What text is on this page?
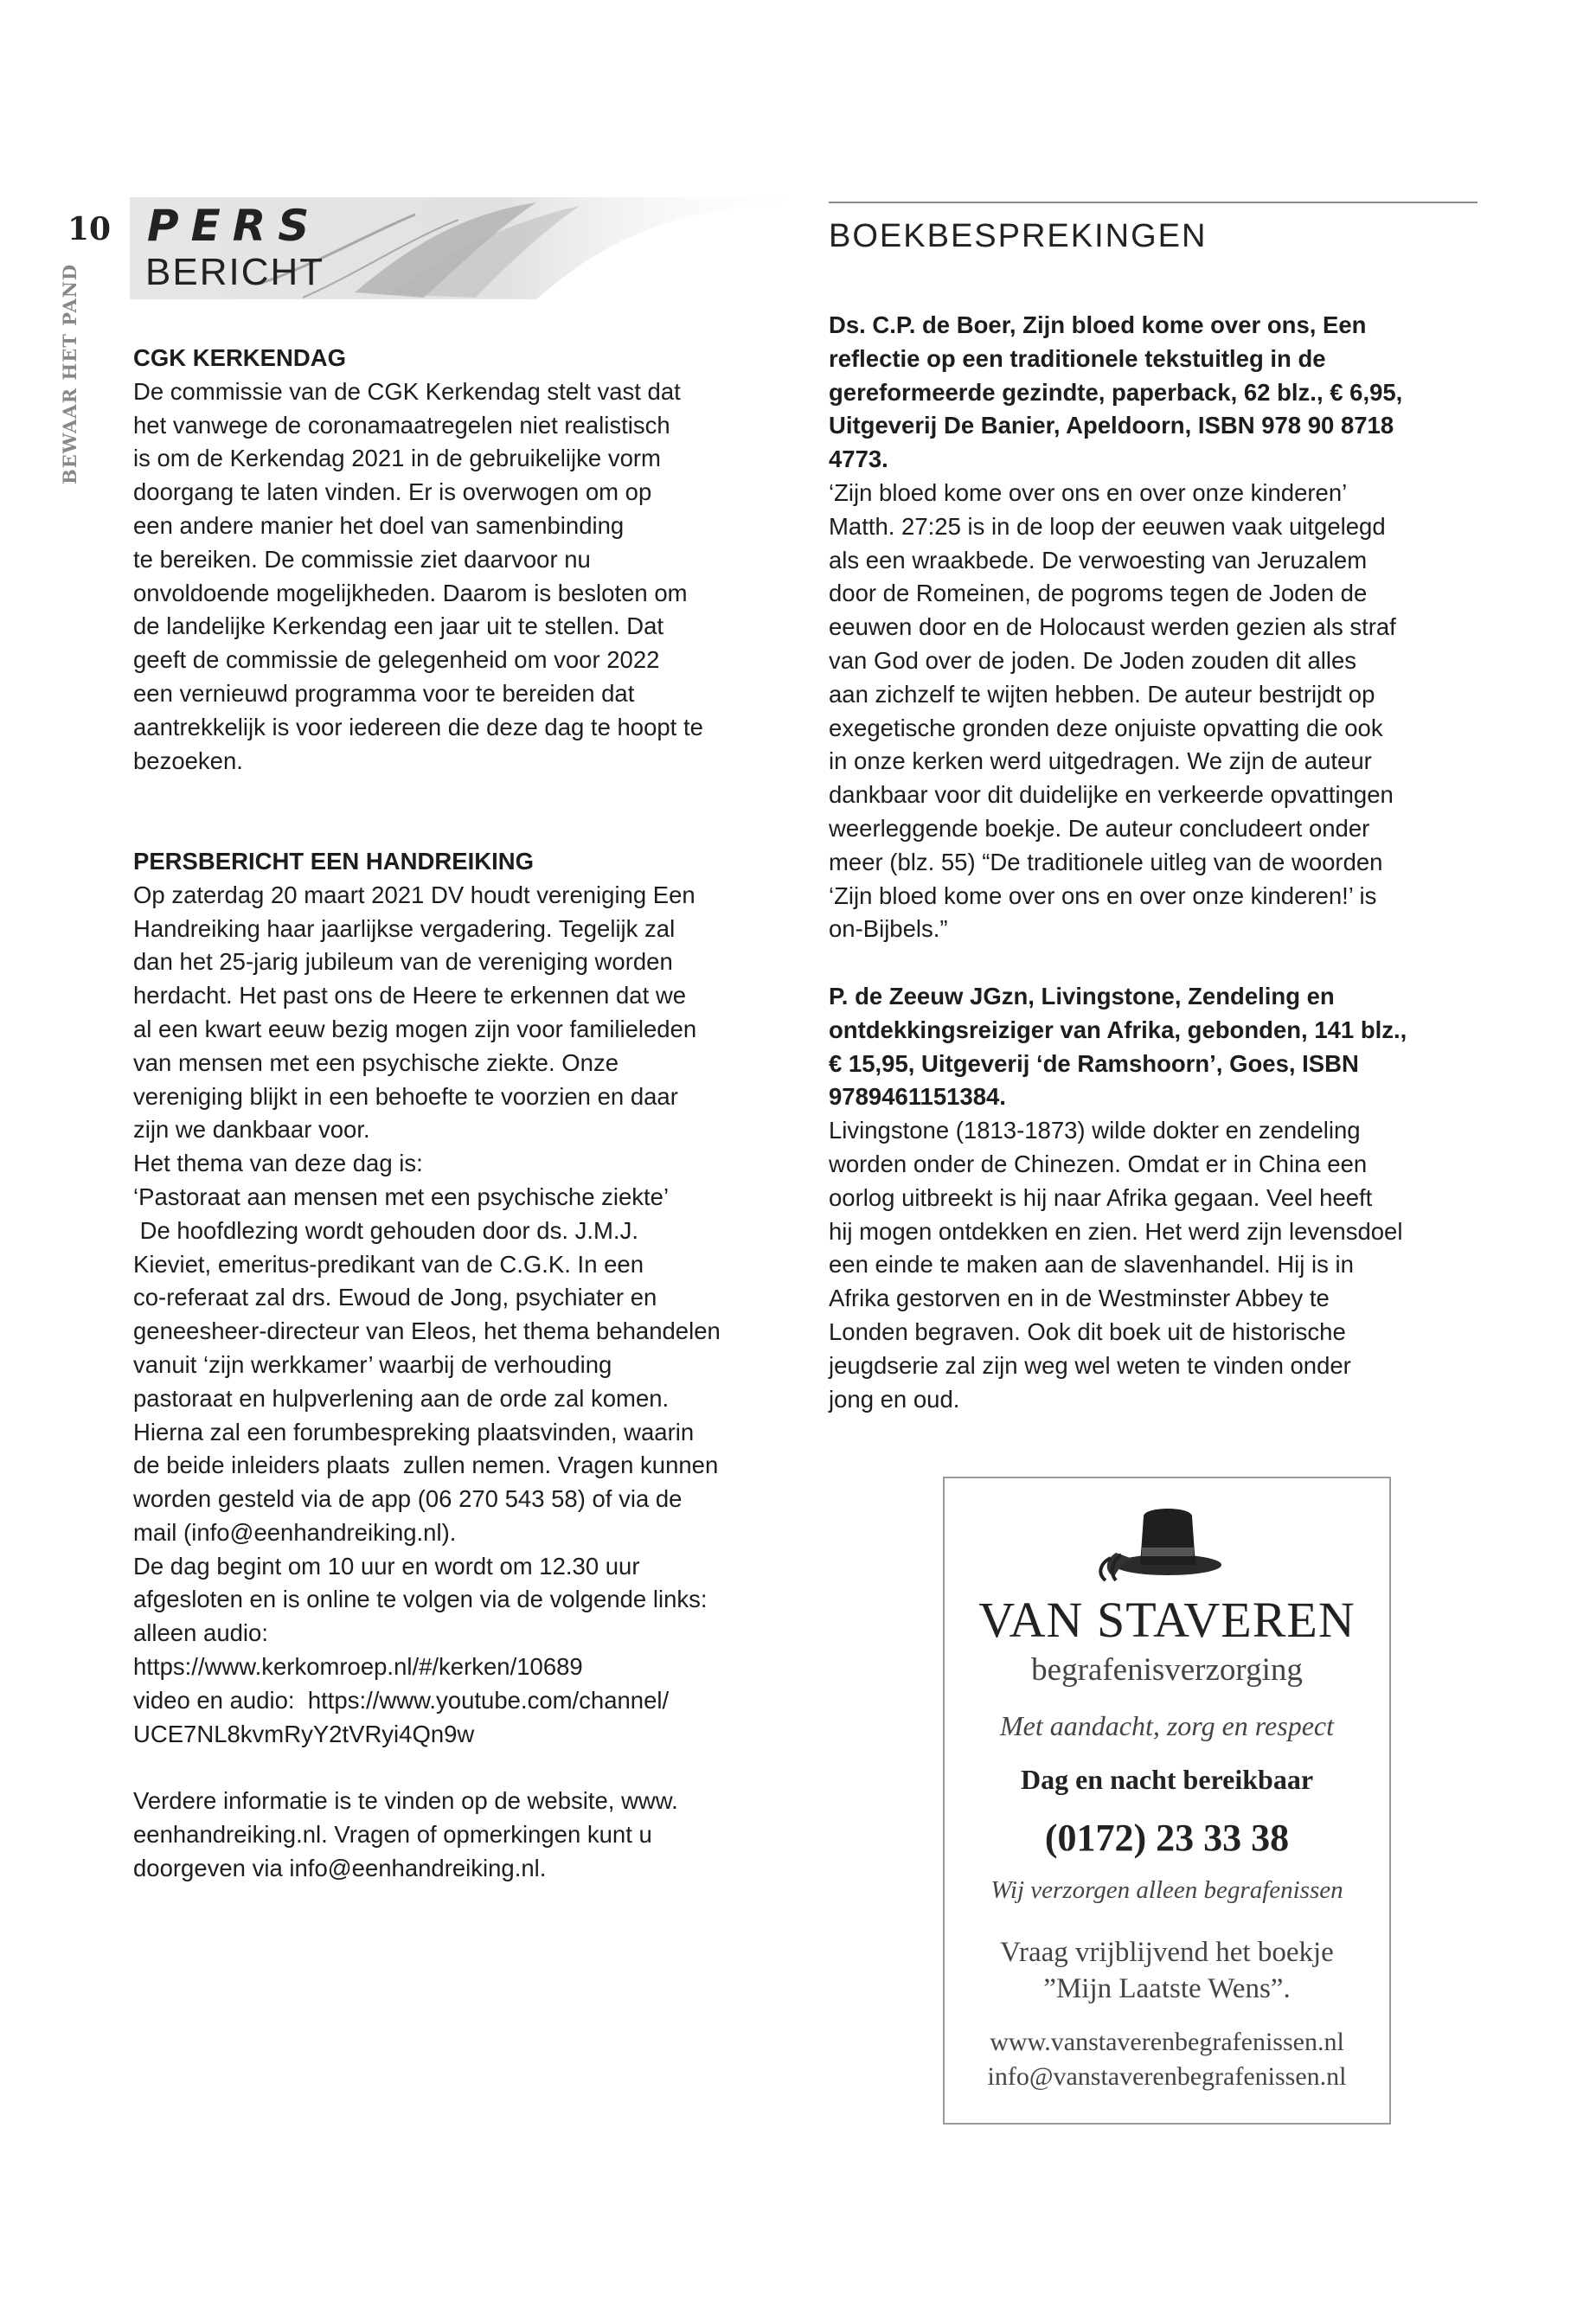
10
BEWAAR HET PAND
PERS
BERICHT
BOEKBESPREKINGEN
CGK KERKENDAG
De commissie van de CGK Kerkendag stelt vast dat
het vanwege de coronamaatregelen niet realistisch
is om de Kerkendag 2021 in de gebruikelijke vorm
doorgang te laten vinden. Er is overwogen om op
een andere manier het doel van samenbinding
te bereiken. De commissie ziet daarvoor nu
onvoldoende mogelijkheden. Daarom is besloten om
de landelijke Kerkendag een jaar uit te stellen. Dat
geeft de commissie de gelegenheid om voor 2022
een vernieuwd programma voor te bereiden dat
aantrekkelijk is voor iedereen die deze dag te hoopt te
bezoeken.
PERSBERICHT EEN HANDREIKING
Op zaterdag 20 maart 2021 DV houdt vereniging Een
Handreiking haar jaarlijkse vergadering. Tegelijk zal
dan het 25-jarig jubileum van de vereniging worden
herdacht. Het past ons de Heere te erkennen dat we
al een kwart eeuw bezig mogen zijn voor familieleden
van mensen met een psychische ziekte. Onze
vereniging blijkt in een behoefte te voorzien en daar
zijn we dankbaar voor.
Het thema van deze dag is:
‘Pastoraat aan mensen met een psychische ziekte’
De hoofdlezing wordt gehouden door ds. J.M.J.
Kieviet, emeritus-predikant van de C.G.K. In een
co-referaat zal drs. Ewoud de Jong, psychiater en
geneesheer-directeur van Eleos, het thema behandelen
vanuit ‘zijn werkkamer’ waarbij de verhouding
pastoraat en hulpverlening aan de orde zal komen.
Hierna zal een forumbespreking plaatsvinden, waarin
de beide inleiders plaats  zullen nemen. Vragen kunnen
worden gesteld via de app (06 270 543 58) of via de
mail (info@eenhandreiking.nl).
De dag begint om 10 uur en wordt om 12.30 uur
afgesloten en is online te volgen via de volgende links:
alleen audio:
https://www.kerkomroep.nl/#/kerken/10689
video en audio:  https://www.youtube.com/channel/
UCE7NL8kvmRyY2tVRyi4Qn9w
Verdere informatie is te vinden op de website, www.
eenhandreiking.nl. Vragen of opmerkingen kunt u
doorgeven via info@eenhandreiking.nl.
Ds. C.P. de Boer, Zijn bloed kome over ons, Een
reflectie op een traditionele tekstuitleg in de
gereformeerde gezindte, paperback, 62 blz., € 6,95,
Uitgeverij De Banier, Apeldoorn, ISBN 978 90 8718
4773.
‘Zijn bloed kome over ons en over onze kinderen’
Matth. 27:25 is in de loop der eeuwen vaak uitgelegd
als een wraakbede. De verwoesting van Jeruzalem
door de Romeinen, de pogroms tegen de Joden de
eeuwen door en de Holocaust werden gezien als straf
van God over de joden. De Joden zouden dit alles
aan zichzelf te wijten hebben. De auteur bestrijdt op
exegetische gronden deze onjuiste opvatting die ook
in onze kerken werd uitgedragen. We zijn de auteur
dankbaar voor dit duidelijke en verkeerde opvattingen
weerleggende boekje. De auteur concludeert onder
meer (blz. 55) “De traditionele uitleg van de woorden
‘Zijn bloed kome over ons en over onze kinderen!’ is
on-Bijbels.”
P. de Zeeuw JGzn, Livingstone, Zendeling en
ontdekkingsreiziger van Afrika, gebonden, 141 blz.,
€ 15,95, Uitgeverij ‘de Ramshoorn’, Goes, ISBN
9789461151384.
Livingstone (1813-1873) wilde dokter en zendeling
worden onder de Chinezen. Omdat er in China een
oorlog uitbreekt is hij naar Afrika gegaan. Veel heeft
hij mogen ontdekken en zien. Het werd zijn levensdoel
een einde te maken aan de slavenhandel. Hij is in
Afrika gestorven en in de Westminster Abbey te
Londen begraven. Ook dit boek uit de historische
jeugdserie zal zijn weg wel weten te vinden onder
jong en oud.
VAN STAVEREN
begrafenisverzorging
Met aandacht, zorg en respect
Dag en nacht bereikbaar
(0172) 23 33 38
Wij verzorgen alleen begrafenissen
Vraag vrijblijvend het boekje
”Mijn Laatste Wens”.
www.vanstaverenbegrafenissen.nl
info@vanstaverenbegrafenissen.nl
